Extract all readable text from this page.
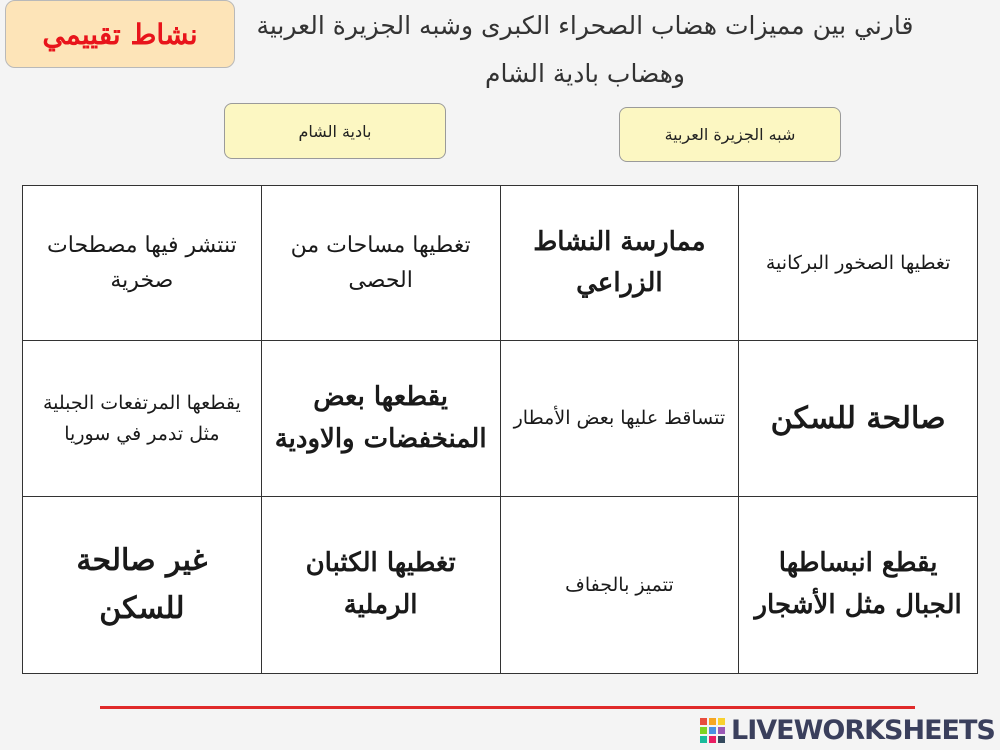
نشاط تقييمي قارني بين مميزات هضاب الصحراء الكبرى وشبه الجزيرة العربية
وهضاب بادية الشام
بادية الشام	شبه الجزيرة العربية
تغطيها الصخور البركانية	ممارسة النشاط الزراعي	تغطيها مساحات من الحصى	تنتشر فيها مصطحات صخرية
صالحة للسكن	تتساقط عليها بعض الأمطار	يقطعها بعض المنخفضات والاودية	يقطعها المرتفعات الجبلية مثل تدمر في سوريا
يقطع انبساطها الجبال مثل الأشجار	تتميز بالجفاف	تغطيها الكثبان الرملية	غير صالحة للسكن
LIVEWORKSHEETS
